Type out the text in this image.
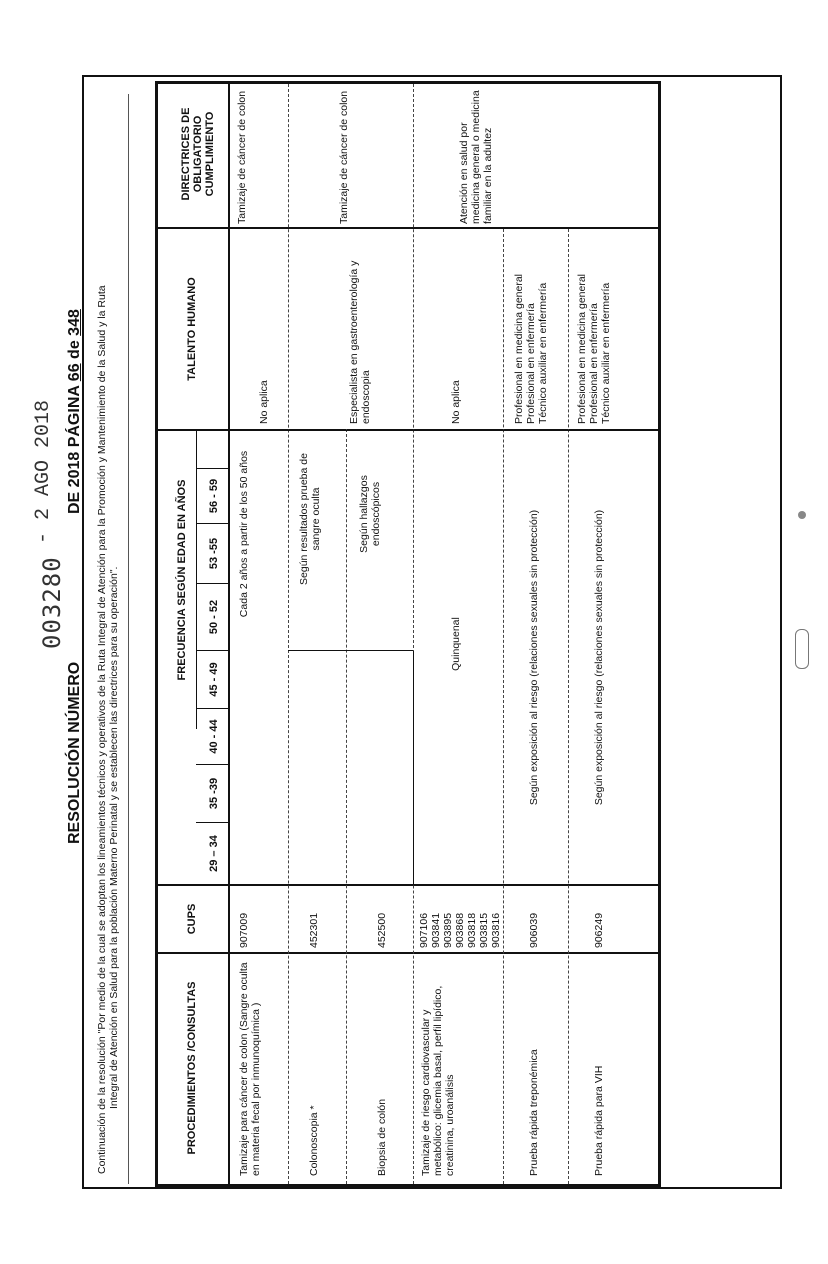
- 2 AGO 2018
003280
RESOLUCIÓN NÚMERO
DE 2018 PÁGINA 66 de 348 Continuación de la resolución "Por medio de la cual se adoptan los lineamientos técnicos y operativos de la Ruta Integral de Atención para la Promoción y Mantenimiento de la Salud y la Ruta Integral de Atención en Salud para la población Materno Perinatal y se establecen las directrices para su operación".	PROCEDIMIENTOS /CONSULTAS
CUPS
FRECUENCIA SEGÚN EDAD EN AÑOS
TALENTO HUMANO
DIRECTRICES DE OBLIGATORIO CUMPLIMIENTO
29 – 34
35 -39
40 - 44
45 - 49
50 - 52
53 -55
56 - 59
Tamizaje para cáncer de colon (Sangre oculta en materia fecal por inmunoquímica )
907009
Cada 2 años a partir de los 50 años
No aplica
Tamizaje de cáncer de colon
Colonoscopia *
452301
Según resultados prueba de sangre oculta
Especialista en gastroenterología y endoscopia
Tamizaje de cáncer de colon
Biopsia de colón
452500
Según hallazgos endoscópicos
Tamizaje de riesgo cardiovascular y metabólico: glicemia basal, perfil lipídico, creatinina, uroanálisis
907106 903841 903895 903868 903818 903815 903816
Quinquenal
No aplica
Atención en salud por medicina general o medicina familiar en la adultez
Prueba rápida treponémica
906039
Según exposición al riesgo (relaciones sexuales sin protección)
Profesional en medicina general Profesional en enfermería Técnico auxiliar en enfermería
Prueba rápida para VIH
906249
Según exposición al riesgo (relaciones sexuales sin protección)
Profesional en medicina general Profesional en enfermería Técnico auxiliar en enfermería
